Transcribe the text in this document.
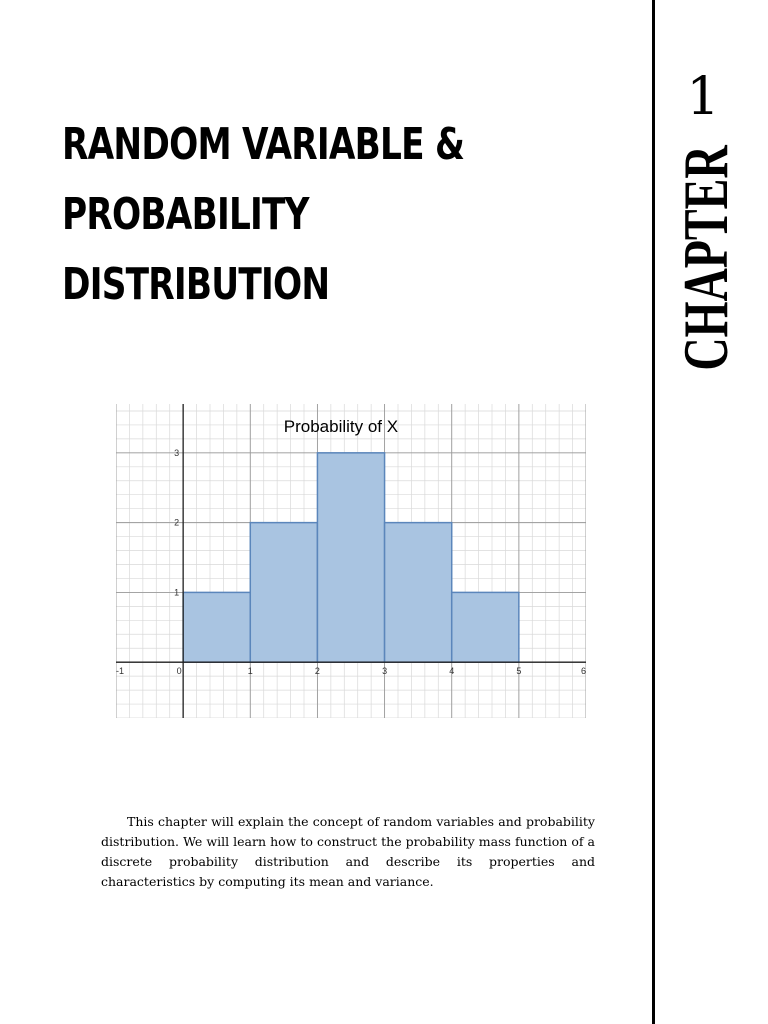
1
CHAPTER
RANDOM VARIABLE &
PROBABILITY
DISTRIBUTION
-1	0	1	2	3	4	5	6
1
2
3
Probability of X

This chapter will explain the concept of random variables and probability distribution. We will learn how to construct the probability mass function of a discrete probability distribution and describe its properties and characteristics by computing its mean and variance.
